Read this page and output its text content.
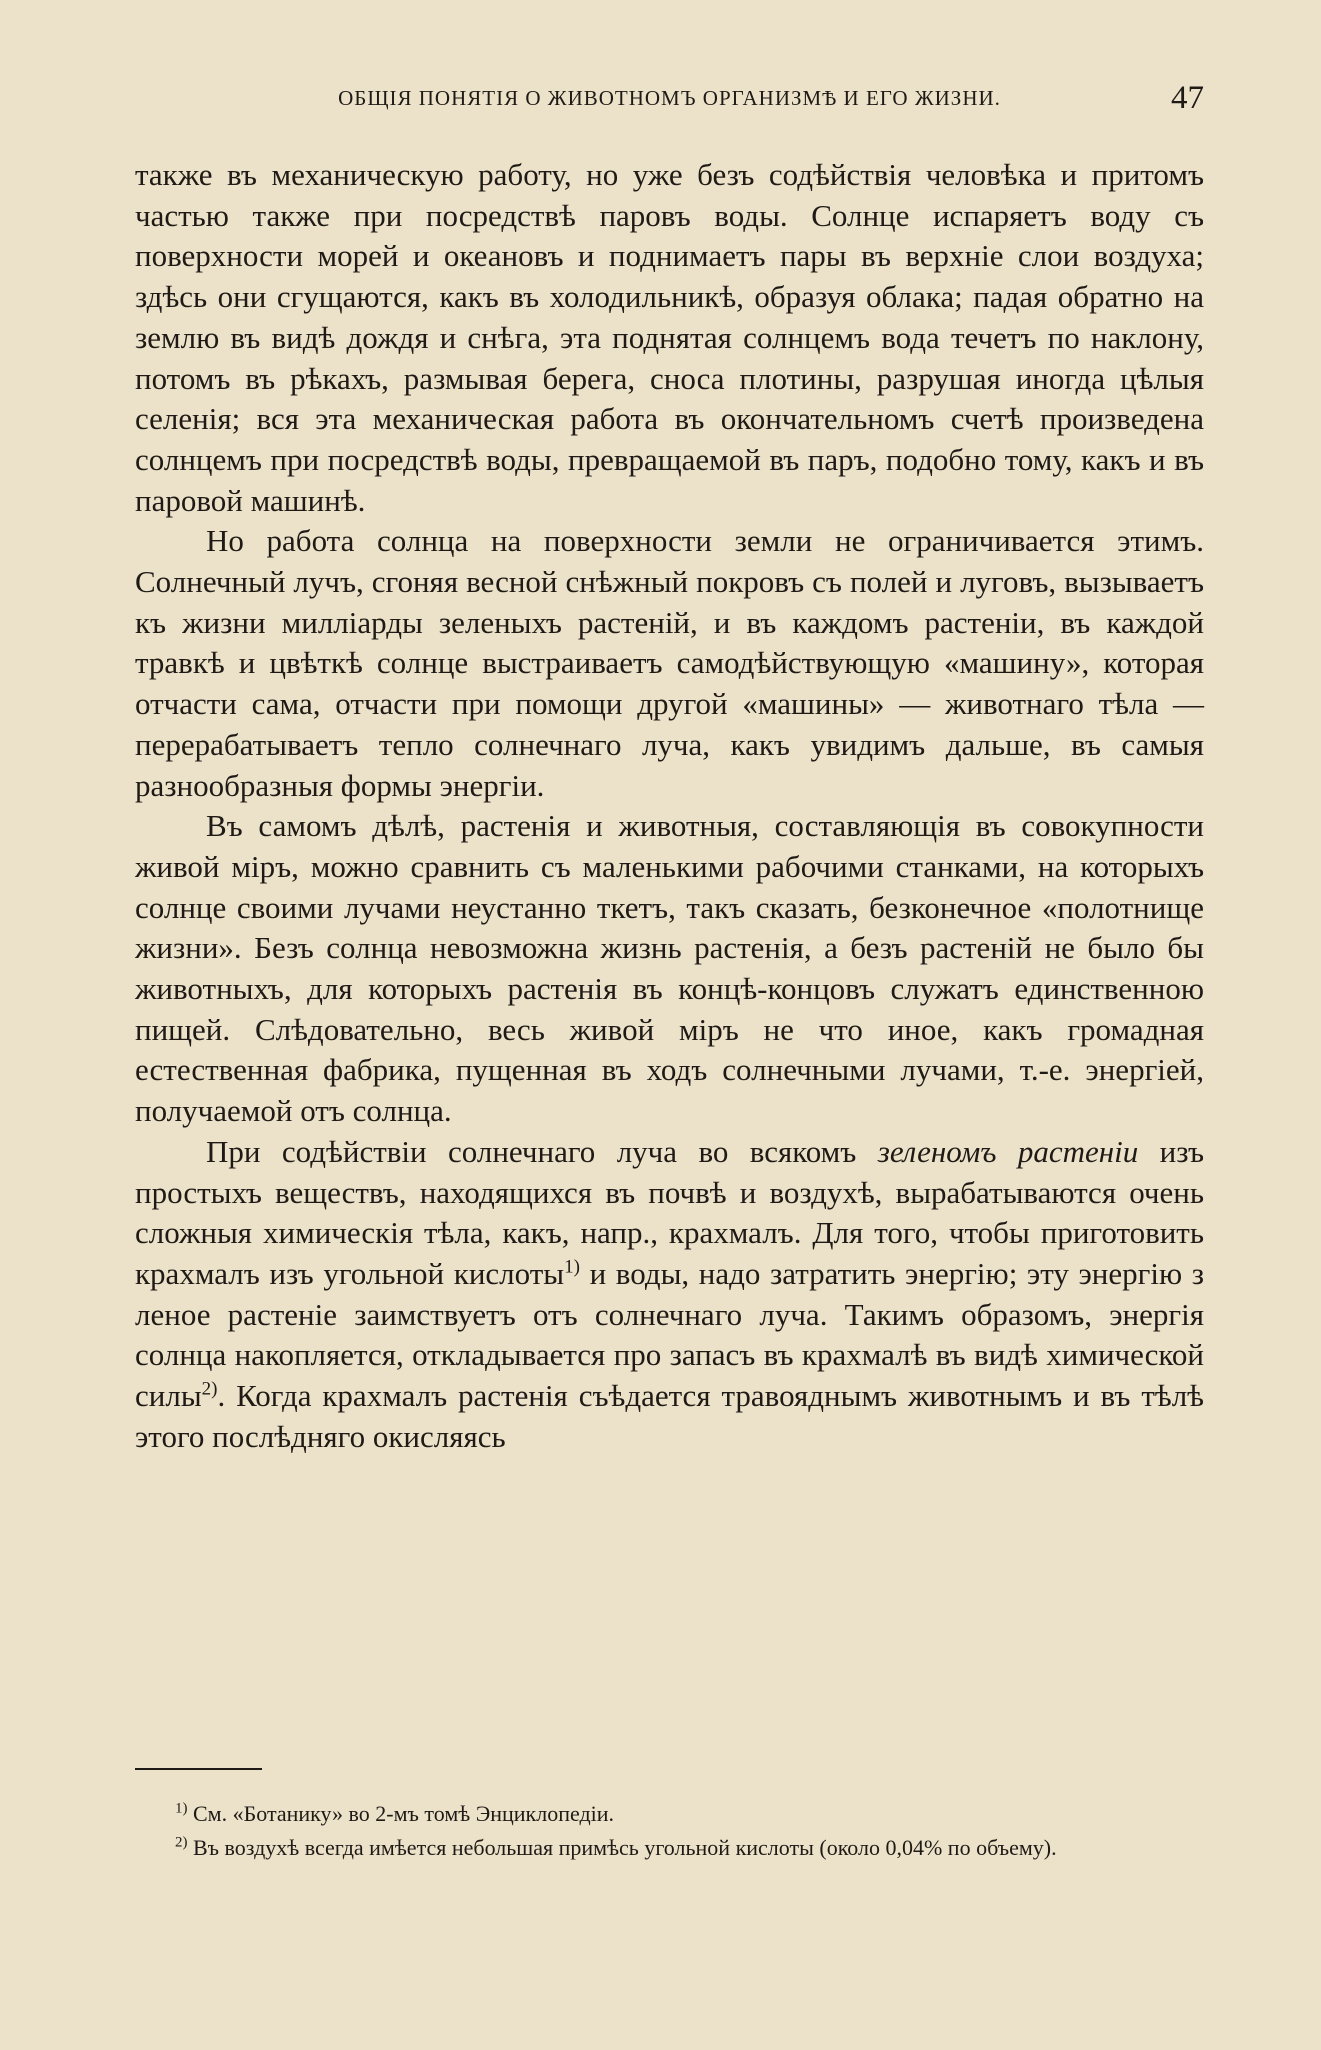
ОБЩІЯ ПОНЯТІЯ О ЖИВОТНОМЪ ОРГАНИЗМѢ И ЕГО ЖИЗНИ.	47

также въ механическую работу, но уже безъ содѣйствія человѣка и притомъ частью также при посредствѣ паровъ воды. Солнце испаряетъ воду съ поверхности морей и океановъ и поднимаетъ пары въ верхніе слои воздуха; здѣсь они сгущаются, какъ въ холодильникѣ, образуя облака; падая обратно на землю въ видѣ дождя и снѣга, эта поднятая солнцемъ вода течетъ по наклону, потомъ въ рѣкахъ, размывая берега, сноса плотины, разрушая иногда цѣлыя селенія; вся эта механическая работа въ окончательномъ счетѣ произведена солнцемъ при посредствѣ воды, превращаемой въ паръ, подобно тому, какъ и въ паровой машинѣ.

Но работа солнца на поверхности земли не ограничивается этимъ. Солнечный лучъ, сгоняя весной снѣжный покровъ съ полей и луговъ, вызываетъ къ жизни милліарды зеленыхъ растеній, и въ каждомъ растеніи, въ каждой травкѣ и цвѣткѣ солнце выстраиваетъ самодѣйствующую «машину», которая отчасти сама, отчасти при помощи другой «машины» — животнаго тѣла — перерабатываетъ тепло солнечнаго луча, какъ увидимъ дальше, въ самыя разнообразныя формы энергіи.

Въ самомъ дѣлѣ, растенія и животныя, составляющія въ совокупности живой міръ, можно сравнить съ маленькими рабочими станками, на которыхъ солнце своими лучами неустанно ткетъ, такъ сказать, безконечное «полотнище жизни». Безъ солнца невозможна жизнь растенія, а безъ растеній не было бы животныхъ, для которыхъ растенія въ концѣ-концовъ служатъ единственною пищей. Слѣдовательно, весь живой міръ не что иное, какъ громадная естественная фабрика, пущенная въ ходъ солнечными лучами, т.-е. энергіей, получаемой отъ солнца.

При содѣйствіи солнечнаго луча во всякомъ зеленомъ растеніи изъ простыхъ веществъ, находящихся въ почвѣ и воздухѣ, вырабатываются очень сложныя химическія тѣла, какъ, напр., крахмалъ. Для того, чтобы приготовить крахмалъ изъ угольной кислоты$^{1)}$ и воды, надо затратить энергію; эту энергію з леное растеніе заимствуетъ отъ солнечнаго луча. Такимъ образомъ, энергія солнца накопляется, откладывается про запасъ въ крахмалѣ въ видѣ химической силы$^{2)}$. Когда крахмалъ растенія съѣдается травояднымъ животнымъ и въ тѣлѣ этого послѣдняго окисляясь

$^{1)}$ См. «Ботанику» во 2-мъ томѣ Энциклопедіи.

$^{2)}$ Въ воздухѣ всегда имѣется небольшая примѣсь угольной кислоты (около 0,04% по объему).
